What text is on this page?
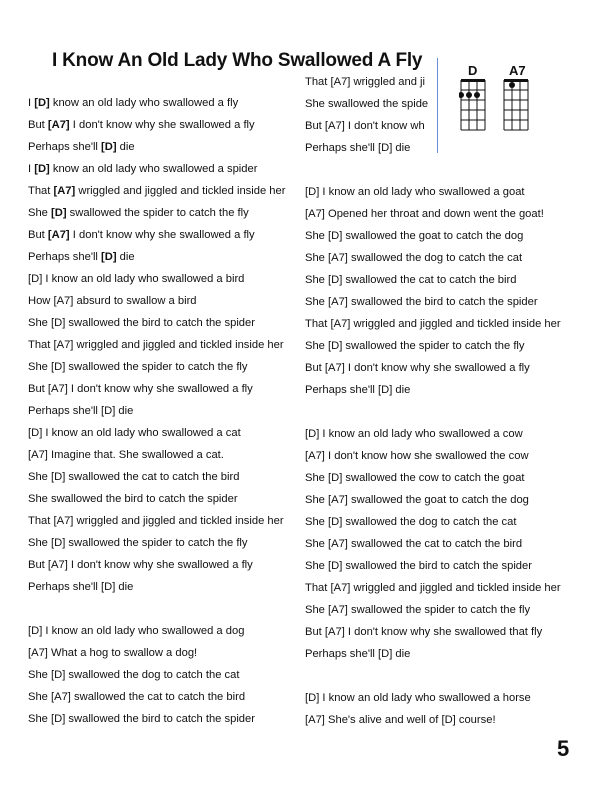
I Know An Old Lady Who Swallowed A Fly
I [D] know an old lady who swallowed a fly
But [A7] I don't know why she swallowed a fly
Perhaps she'll [D] die
I [D] know an old lady who swallowed a spider
That [A7] wriggled and jiggled and tickled inside her
She [D] swallowed the spider to catch the fly
But [A7] I don't know why she swallowed a fly
Perhaps she'll [D] die
[D] I know an old lady who swallowed a bird
How [A7] absurd to swallow a bird
She [D] swallowed the bird to catch the spider
That [A7] wriggled and jiggled and tickled inside her
She [D] swallowed the spider to catch the fly
But [A7] I don't know why she swallowed a fly
Perhaps she'll [D] die
[D] I know an old lady who swallowed a cat
[A7] Imagine that. She swallowed a cat.
She [D] swallowed the cat to catch the bird
She swallowed the bird to catch the spider
That [A7] wriggled and jiggled and tickled inside her
She [D] swallowed the spider to catch the fly
But [A7] I don't know why she swallowed a fly
Perhaps she'll [D] die
[D] I know an old lady who swallowed a dog
[A7] What a hog to swallow a dog!
She [D] swallowed the dog to catch the cat
She [A7] swallowed the cat to catch the bird
She [D] swallowed the bird to catch the spider
That [A7] wriggled and ji
She swallowed the spide
But [A7] I don't know wh
Perhaps she'll [D] die
[D] I know an old lady who swallowed a goat
[A7] Opened her throat and down went the goat!
She [D] swallowed the goat to catch the dog
She [A7] swallowed the dog to catch the cat
She [D] swallowed the cat to catch the bird
She [A7] swallowed the bird to catch the spider
That [A7] wriggled and jiggled and tickled inside her
She [D] swallowed the spider to catch the fly
But [A7] I don't know why she swallowed a fly
Perhaps she'll [D] die
[D] I know an old lady who swallowed a cow
[A7] I don't know how she swallowed the cow
She [D] swallowed the cow to catch the goat
She [A7] swallowed the goat to catch the dog
She [D] swallowed the dog to catch the cat
She [A7] swallowed the cat to catch the bird
She [D] swallowed the bird to catch the spider
That [A7] wriggled and jiggled and tickled inside her
She [A7] swallowed the spider to catch the fly
But [A7] I don't know why she swallowed that fly
Perhaps she'll [D] die
[D] I know an old lady who swallowed a horse
[A7] She's alive and well of [D] course!
D A7
5
